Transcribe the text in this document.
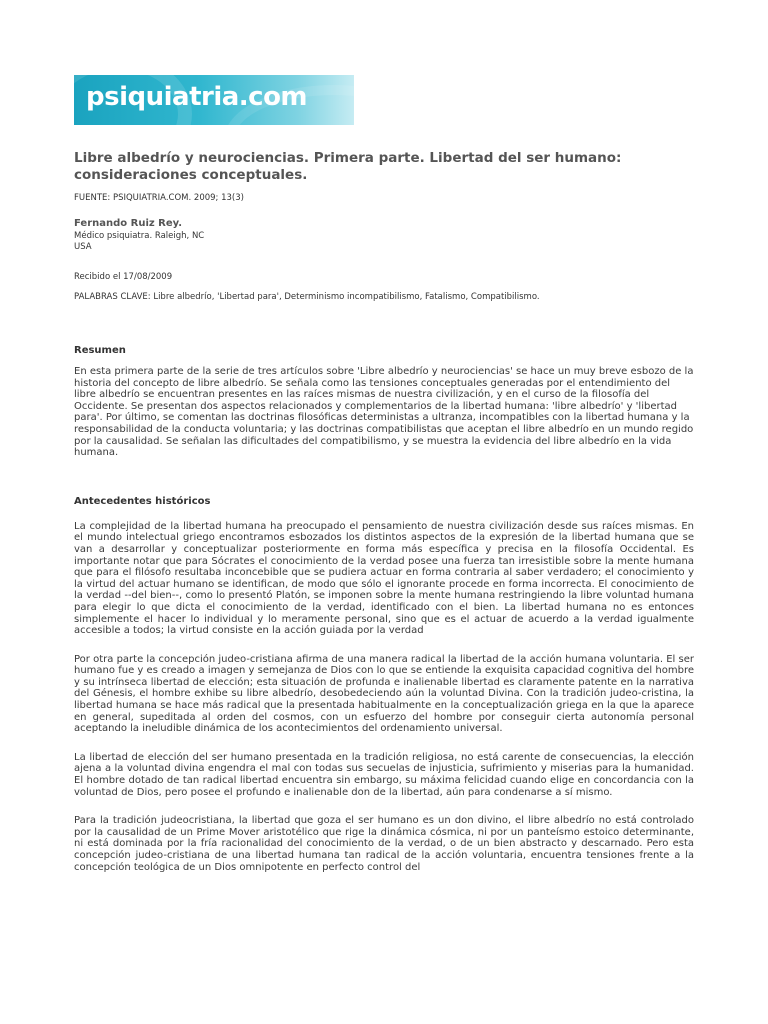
psiquiatria.com
Libre albedrío y neurociencias. Primera parte. Libertad del ser humano: consideraciones conceptuales.
FUENTE: PSIQUIATRIA.COM. 2009; 13(3)
Fernando Ruiz Rey.
Médico psiquiatra. Raleigh, NC
USA
Recibido el 17/08/2009
PALABRAS CLAVE: Libre albedrío, 'Libertad para', Determinismo incompatibilismo, Fatalismo, Compatibilismo.
Resumen

En esta primera parte de la serie de tres artículos sobre 'Libre albedrío y neurociencias' se hace un muy breve esbozo de la historia del concepto de libre albedrío. Se señala como las tensiones conceptuales generadas por el entendimiento del libre albedrío se encuentran presentes en las raíces mismas de nuestra civilización, y en el curso de la filosofía del Occidente. Se presentan dos aspectos relacionados y complementarios de la libertad humana: 'libre albedrío' y 'libertad para'. Por último, se comentan las doctrinas filosóficas deterministas a ultranza, incompatibles con la libertad humana y la responsabilidad de la conducta voluntaria; y las doctrinas compatibilistas que aceptan el libre albedrío en un mundo regido por la causalidad. Se señalan las dificultades del compatibilismo, y se muestra la evidencia del libre albedrío en la vida humana.

Antecedentes históricos

La complejidad de la libertad humana ha preocupado el pensamiento de nuestra civilización desde sus raíces mismas. En el mundo intelectual griego encontramos esbozados los distintos aspectos de la expresión de la libertad humana que se van a desarrollar y conceptualizar posteriormente en forma más específica y precisa en la filosofía Occidental. Es importante notar que para Sócrates el conocimiento de la verdad posee una fuerza tan irresistible sobre la mente humana que para el filósofo resultaba inconcebible que se pudiera actuar en forma contraria al saber verdadero; el conocimiento y la virtud del actuar humano se identifican, de modo que sólo el ignorante procede en forma incorrecta. El conocimiento de la verdad --del bien--, como lo presentó Platón, se imponen sobre la mente humana restringiendo la libre voluntad humana para elegir lo que dicta el conocimiento de la verdad, identificado con el bien. La libertad humana no es entonces simplemente el hacer lo individual y lo meramente personal, sino que es el actuar de acuerdo a la verdad igualmente accesible a todos; la virtud consiste en la acción guiada por la verdad

Por otra parte la concepción judeo-cristiana afirma de una manera radical la libertad de la acción humana voluntaria. El ser humano fue y es creado a imagen y semejanza de Dios con lo que se entiende la exquisita capacidad cognitiva del hombre y su intrínseca libertad de elección; esta situación de profunda e inalienable libertad es claramente patente en la narrativa del Génesis, el hombre exhibe su libre albedrío, desobedeciendo aún la voluntad Divina. Con la tradición judeo-cristina, la libertad humana se hace más radical que la presentada habitualmente en la conceptualización griega en la que la aparece en general, supeditada al orden del cosmos, con un esfuerzo del hombre por conseguir cierta autonomía personal aceptando la ineludible dinámica de los acontecimientos del ordenamiento universal.

La libertad de elección del ser humano presentada en la tradición religiosa, no está carente de consecuencias, la elección ajena a la voluntad divina engendra el mal con todas sus secuelas de injusticia, sufrimiento y miserias para la humanidad. El hombre dotado de tan radical libertad encuentra sin embargo, su máxima felicidad cuando elige en concordancia con la voluntad de Dios, pero posee el profundo e inalienable don de la libertad, aún para condenarse a sí mismo.

Para la tradición judeocristiana, la libertad que goza el ser humano es un don divino, el libre albedrío no está controlado por la causalidad de un Prime Mover aristotélico que rige la dinámica cósmica, ni por un panteísmo estoico determinante, ni está dominada por la fría racionalidad del conocimiento de la verdad, o de un bien abstracto y descarnado. Pero esta concepción judeo-cristiana de una libertad humana tan radical de la acción voluntaria, encuentra tensiones frente a la concepción teológica de un Dios omnipotente en perfecto control del
